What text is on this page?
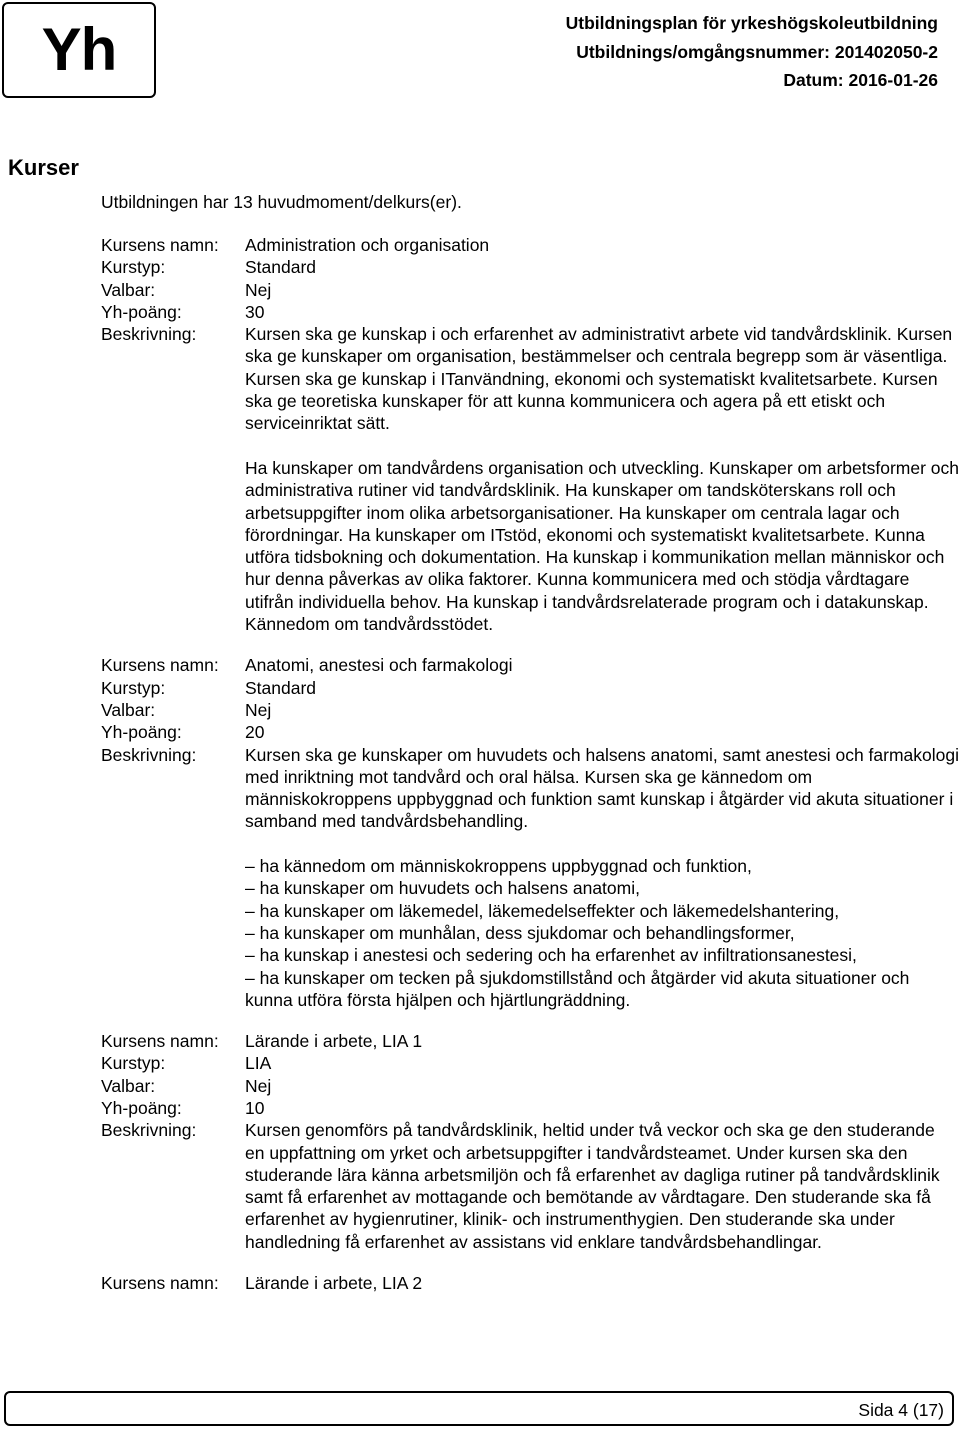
Yh	Utbildningsplan för yrkeshögskoleutbildning
Utbildnings/omgångsnummer: 201402050-2
Datum: 2016-01-26
Kurser
Utbildningen har 13 huvudmoment/delkurs(er).
Kursens namn:	Administration och organisation
Kurstyp:	Standard
Valbar:	Nej
Yh-poäng:	30
Beskrivning:	Kursen ska ge kunskap i och erfarenhet av administrativt arbete vid tandvårdsklinik. Kursen ska ge kunskaper om organisation, bestämmelser och centrala begrepp som är väsentliga. Kursen ska ge kunskap i ITanvändning, ekonomi och systematiskt kvalitetsarbete. Kursen ska ge teoretiska kunskaper för att kunna kommunicera och agera på ett etiskt och serviceinriktat sätt.

Ha kunskaper om tandvårdens organisation och utveckling. Kunskaper om arbetsformer och administrativa rutiner vid tandvårdsklinik. Ha kunskaper om tandsköterskans roll och arbetsuppgifter inom olika arbetsorganisationer. Ha kunskaper om centrala lagar och förordningar. Ha kunskaper om ITstöd, ekonomi och systematiskt kvalitetsarbete. Kunna utföra tidsbokning och dokumentation. Ha kunskap i kommunikation mellan människor och hur denna påverkas av olika faktorer. Kunna kommunicera med och stödja vårdtagare utifrån individuella behov. Ha kunskap i tandvårdsrelaterade program och i datakunskap. Kännedom om tandvårdsstödet.

Kursens namn:	Anatomi, anestesi och farmakologi
Kurstyp:	Standard
Valbar:	Nej
Yh-poäng:	20
Beskrivning:	Kursen ska ge kunskaper om huvudets och halsens anatomi, samt anestesi och farmakologi med inriktning mot tandvård och oral hälsa. Kursen ska ge kännedom om människokroppens uppbyggnad och funktion samt kunskap i åtgärder vid akuta situationer i samband med tandvårdsbehandling.

– ha kännedom om människokroppens uppbyggnad och funktion,
– ha kunskaper om huvudets och halsens anatomi,
– ha kunskaper om läkemedel, läkemedelseffekter och läkemedelshantering,
– ha kunskaper om munhålan, dess sjukdomar och behandlingsformer,
– ha kunskap i anestesi och sedering och ha erfarenhet av infiltrationsanestesi,
– ha kunskaper om tecken på sjukdomstillstånd och åtgärder vid akuta situationer och kunna utföra första hjälpen och hjärtlungräddning.
Kursens namn:	Lärande i arbete, LIA 1
Kurstyp:	LIA
Valbar:	Nej
Yh-poäng:	10
Beskrivning:	Kursen genomförs på tandvårdsklinik, heltid under två veckor och ska ge den studerande en uppfattning om yrket och arbetsuppgifter i tandvårdsteamet. Under kursen ska den studerande lära känna arbetsmiljön och få erfarenhet av dagliga rutiner på tandvårdsklinik samt få erfarenhet av mottagande och bemötande av vårdtagare. Den studerande ska få erfarenhet av hygienrutiner, klinik- och instrumenthygien. Den studerande ska under handledning få erfarenhet av assistans vid enklare tandvårdsbehandlingar.

Kursens namn:	Lärande i arbete, LIA 2
Sida 4 (17)
